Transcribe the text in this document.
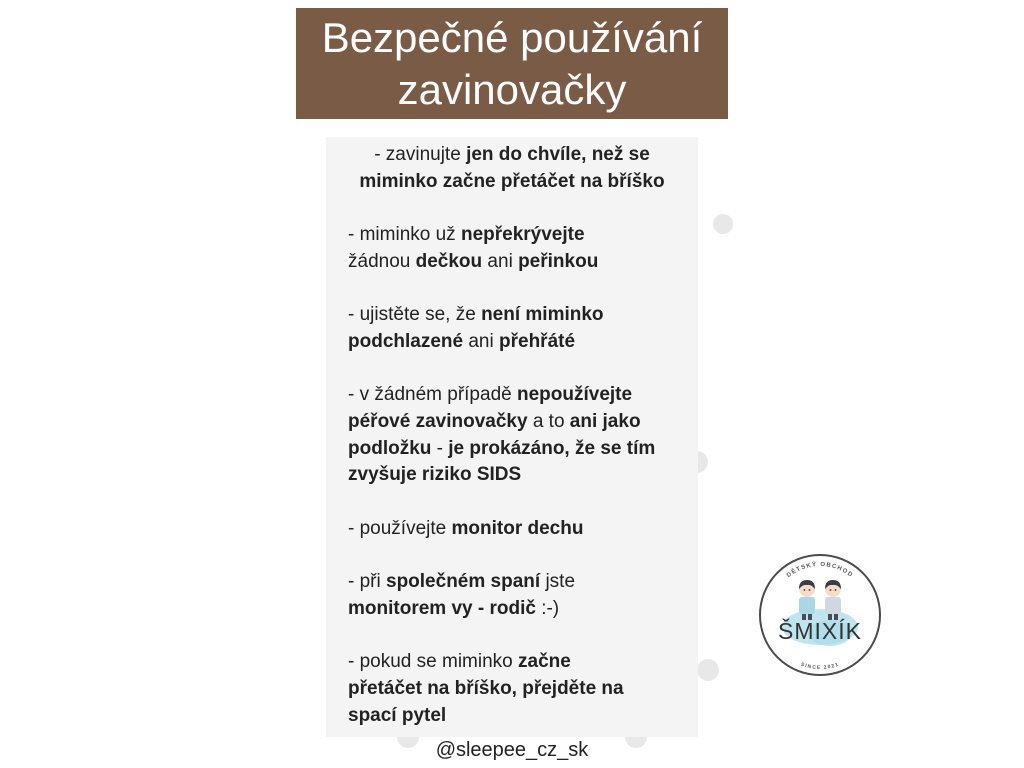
Bezpečné používání
zavinovačky
- zavinujte jen do chvíle, než se
miminko začne přetáčet na bříško
- miminko už nepřekrývejte
žádnou dečkou ani peřinkou
- ujistěte se, že není miminko
podchlazené ani přehřáté
- v žádném případě nepoužívejte
péřové zavinovačky a to ani jako
podložku - je prokázáno, že se tím
zvyšuje riziko SIDS
- používejte monitor dechu
- při společném spaní jste
monitorem vy - rodič :-)
- pokud se miminko začne
přetáčet na bříško, přejděte na
spací pytel
@sleepee_cz_sk
ŠMIXÍK
DĚTSKÝ OBCHOD
SINCE 2021
